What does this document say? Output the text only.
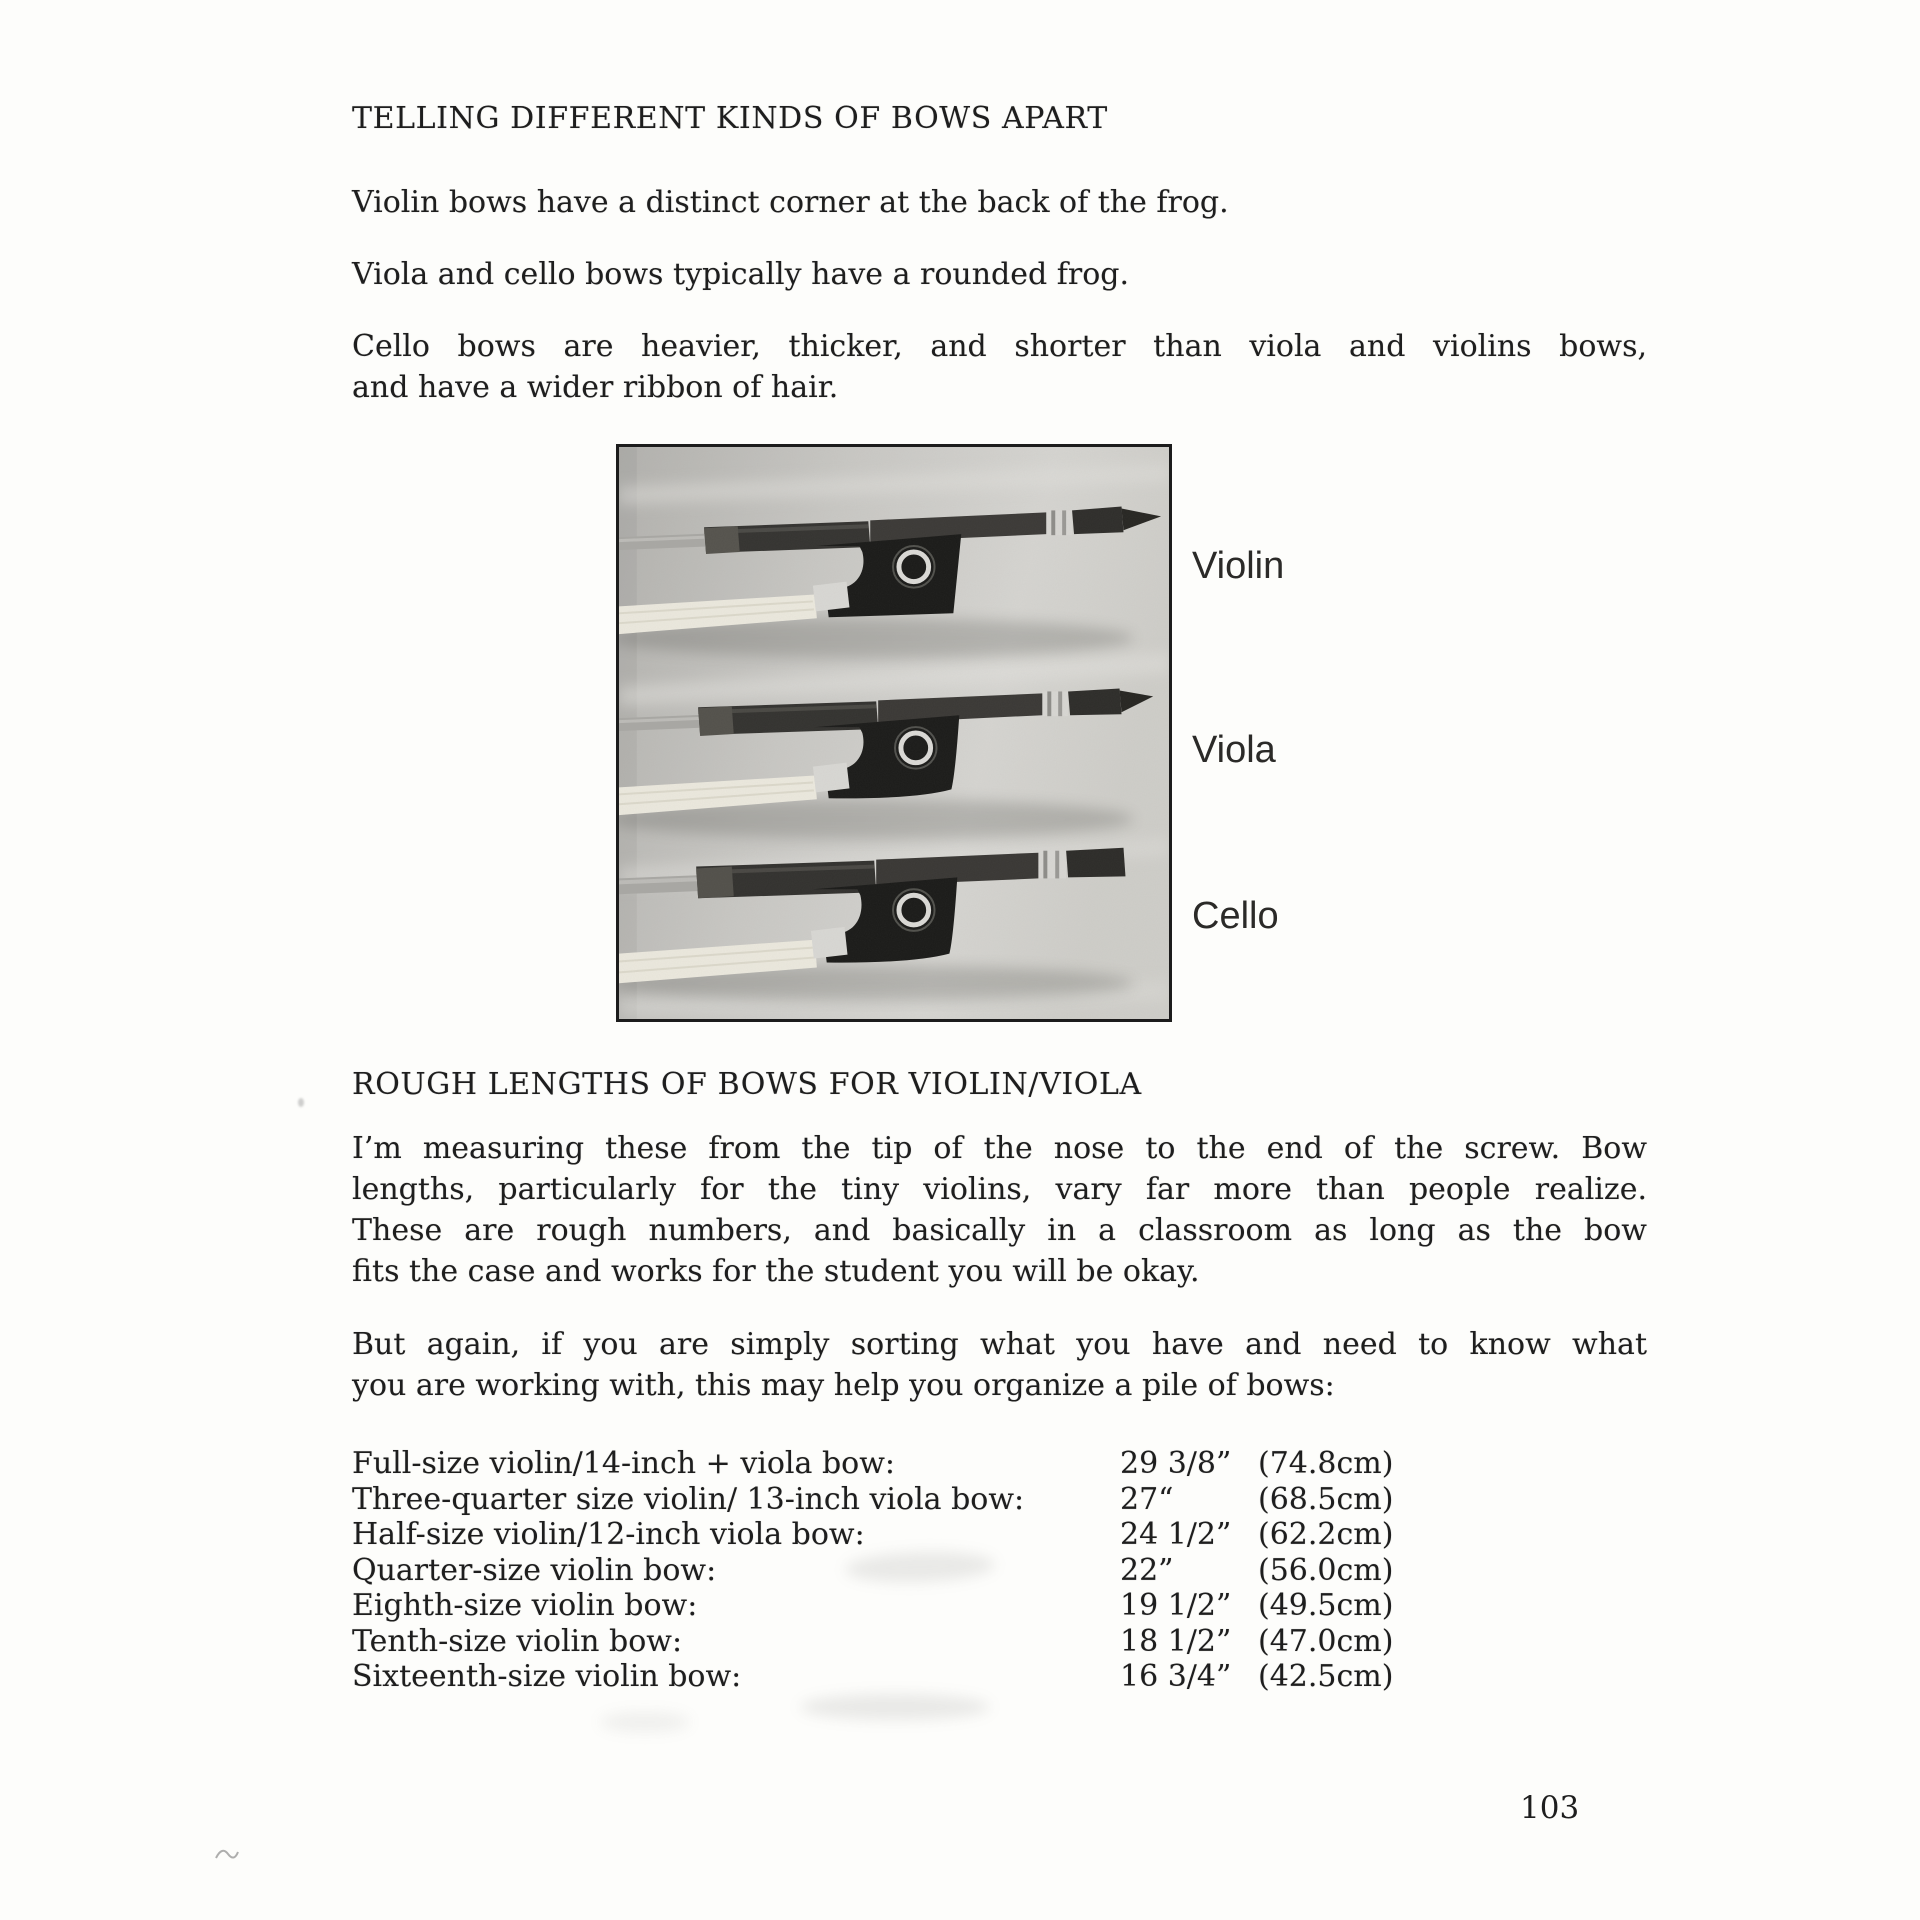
TELLING DIFFERENT KINDS OF BOWS APART
Violin bows have a distinct corner at the back of the frog.
Viola and cello bows typically have a rounded frog.
Cello bows are heavier, thicker, and shorter than viola and violins bows,
and have a wider ribbon of hair.
Violin
Viola
Cello
ROUGH LENGTHS OF BOWS FOR VIOLIN/VIOLA
I’m measuring these from the tip of the nose to the end of the screw. Bow
lengths, particularly for the tiny violins, vary far more than people realize.
These are rough numbers, and basically in a classroom as long as the bow
fits the case and works for the student you will be okay.
But again, if you are simply sorting what you have and need to know what
you are working with, this may help you organize a pile of bows:
Full-size violin/14-inch + viola bow:	29 3/8” (74.8cm)
Three-quarter size violin/ 13-inch viola bow:	27“	(68.5cm)
Half-size violin/12-inch viola bow:	24 1/2” (62.2cm)
Quarter-size violin bow:	22”	(56.0cm)
Eighth-size violin bow:	19 1/2” (49.5cm)
Tenth-size violin bow:	18 1/2” (47.0cm)
Sixteenth-size violin bow:	16 3/4” (42.5cm)
103
